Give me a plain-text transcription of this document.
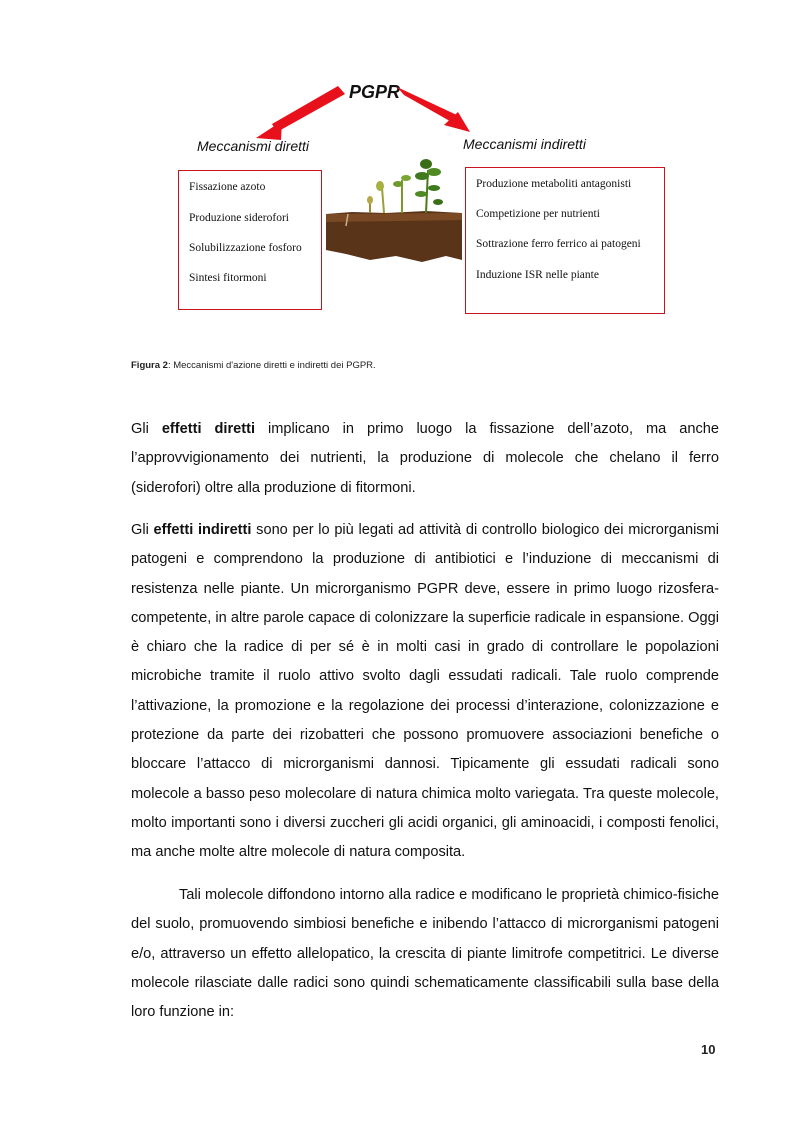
PGPR
Meccanismi diretti	Meccanismi indiretti
Fissazione azoto
Produzione siderofori
Solubilizzazione fosforo
Sintesi fitormoni
Produzione metaboliti antagonisti
Competizione per nutrienti
Sottrazione ferro ferrico ai patogeni
Induzione ISR nelle piante
Figura 2: Meccanismi d'azione diretti e indiretti dei PGPR.

Gli effetti diretti implicano in primo luogo la fissazione dell’azoto, ma anche l’approvvigionamento dei nutrienti, la produzione di molecole che chelano il ferro (siderofori) oltre alla produzione di fitormoni.

Gli effetti indiretti sono per lo più legati ad attività di controllo biologico dei microrganismi patogeni e comprendono la produzione di antibiotici e l’induzione di meccanismi di resistenza nelle piante. Un microrganismo PGPR deve, essere in primo luogo rizosfera-competente, in altre parole capace di colonizzare la superficie radicale in espansione. Oggi è chiaro che la radice di per sé è in molti casi in grado di controllare le popolazioni microbiche tramite il ruolo attivo svolto dagli essudati radicali. Tale ruolo comprende l’attivazione, la promozione e la regolazione dei processi d’interazione, colonizzazione e protezione da parte dei rizobatteri che possono promuovere associazioni benefiche o bloccare l’attacco di microrganismi dannosi. Tipicamente gli essudati radicali sono molecole a basso peso molecolare di natura chimica molto variegata. Tra queste molecole, molto importanti sono i diversi zuccheri gli acidi organici, gli aminoacidi, i composti fenolici, ma anche molte altre molecole di natura composita.

Tali molecole diffondono intorno alla radice e modificano le proprietà chimico-fisiche del suolo, promuovendo simbiosi benefiche e inibendo l’attacco di microrganismi patogeni e/o, attraverso un effetto allelopatico, la crescita di piante limitrofe competitrici. Le diverse molecole rilasciate dalle radici sono quindi schematicamente classificabili sulla base della loro funzione in:

10
